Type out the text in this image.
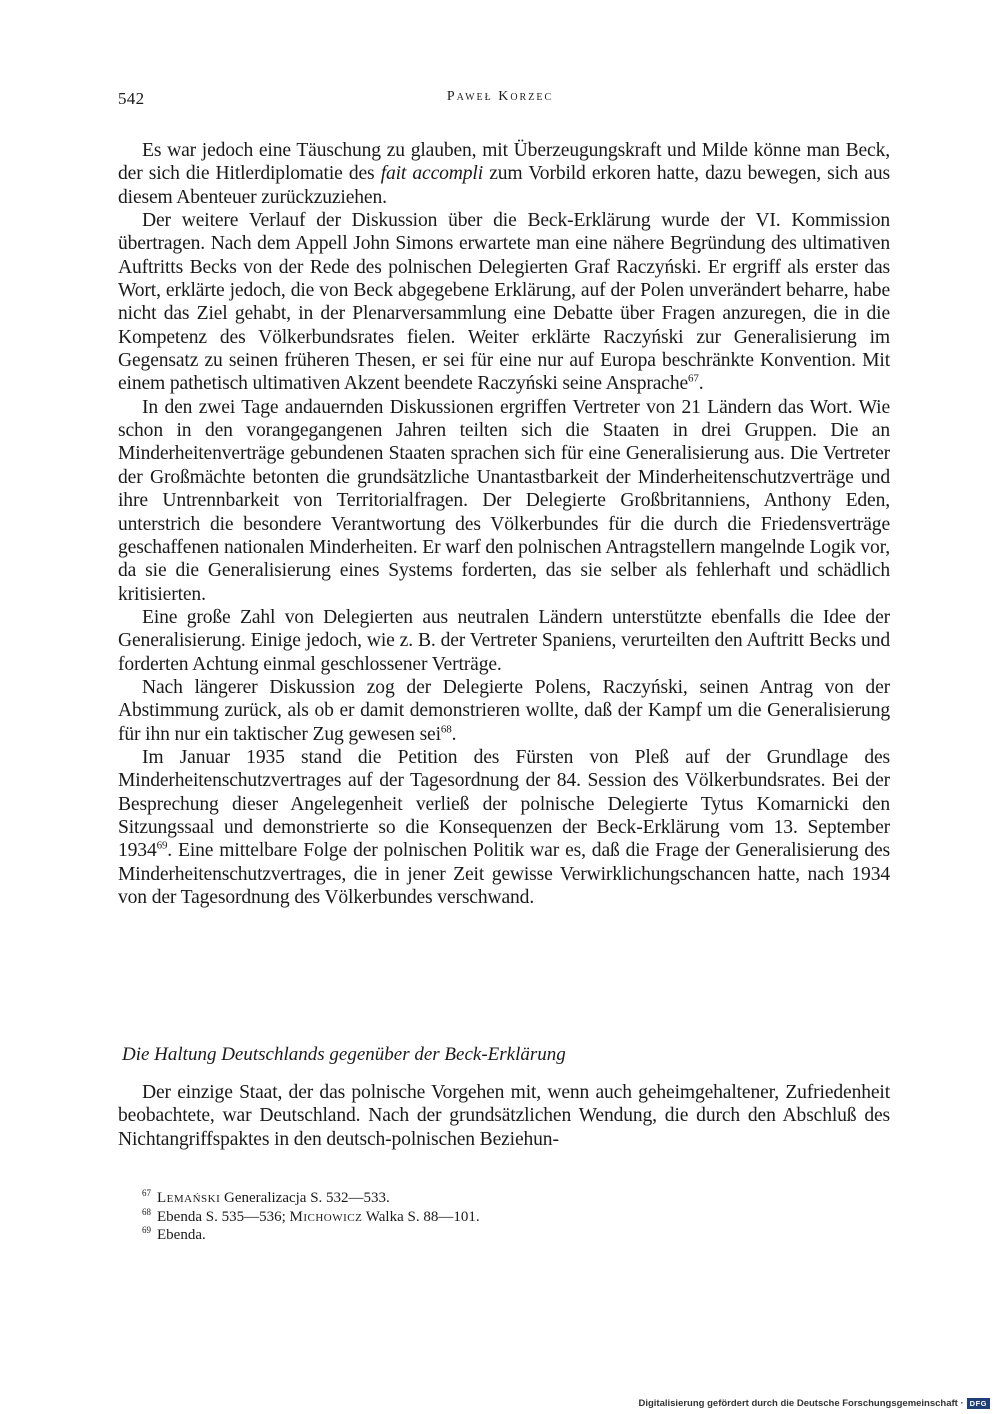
542	Paweł Korzec

Es war jedoch eine Täuschung zu glauben, mit Überzeugungskraft und Milde könne man Beck, der sich die Hitlerdiplomatie des fait accompli zum Vorbild erkoren hatte, dazu bewegen, sich aus diesem Abenteuer zurückzuziehen.

Der weitere Verlauf der Diskussion über die Beck-Erklärung wurde der VI. Kommission übertragen. Nach dem Appell John Simons erwartete man eine nähere Begründung des ultimativen Auftritts Becks von der Rede des polnischen Delegierten Graf Raczyński. Er ergriff als erster das Wort, erklärte jedoch, die von Beck abgegebene Erklärung, auf der Polen unverändert beharre, habe nicht das Ziel gehabt, in der Plenarversammlung eine Debatte über Fragen anzuregen, die in die Kompetenz des Völkerbundsrates fielen. Weiter erklärte Raczyński zur Generalisierung im Gegensatz zu seinen früheren Thesen, er sei für eine nur auf Europa beschränkte Konvention. Mit einem pathetisch ultimativen Akzent beendete Raczyński seine Ansprache$^{67}$.

In den zwei Tage andauernden Diskussionen ergriffen Vertreter von 21 Ländern das Wort. Wie schon in den vorangegangenen Jahren teilten sich die Staaten in drei Gruppen. Die an Minderheitenverträge gebundenen Staaten sprachen sich für eine Generalisierung aus. Die Vertreter der Großmächte betonten die grundsätzliche Unantastbarkeit der Minderheitenschutzverträge und ihre Untrennbarkeit von Territorialfragen. Der Delegierte Großbritanniens, Anthony Eden, unterstrich die besondere Verantwortung des Völkerbundes für die durch die Friedensverträge geschaffenen nationalen Minderheiten. Er warf den polnischen Antragstellern mangelnde Logik vor, da sie die Generalisierung eines Systems forderten, das sie selber als fehlerhaft und schädlich kritisierten.

Eine große Zahl von Delegierten aus neutralen Ländern unterstützte ebenfalls die Idee der Generalisierung. Einige jedoch, wie z. B. der Vertreter Spaniens, verurteilten den Auftritt Becks und forderten Achtung einmal geschlossener Verträge.

Nach längerer Diskussion zog der Delegierte Polens, Raczyński, seinen Antrag von der Abstimmung zurück, als ob er damit demonstrieren wollte, daß der Kampf um die Generalisierung für ihn nur ein taktischer Zug gewesen sei$^{68}$.

Im Januar 1935 stand die Petition des Fürsten von Pleß auf der Grundlage des Minderheitenschutzvertrages auf der Tagesordnung der 84. Session des Völkerbundsrates. Bei der Besprechung dieser Angelegenheit verließ der polnische Delegierte Tytus Komarnicki den Sitzungssaal und demonstrierte so die Konsequenzen der Beck-Erklärung vom 13. September 1934$^{69}$. Eine mittelbare Folge der polnischen Politik war es, daß die Frage der Generalisierung des Minderheitenschutzvertrages, die in jener Zeit gewisse Verwirklichungschancen hatte, nach 1934 von der Tagesordnung des Völkerbundes verschwand.

Die Haltung Deutschlands gegenüber der Beck-Erklärung

Der einzige Staat, der das polnische Vorgehen mit, wenn auch geheimgehaltener, Zufriedenheit beobachtete, war Deutschland. Nach der grundsätzlichen Wendung, die durch den Abschluß des Nichtangriffspaktes in den deutsch-polnischen Beziehun-

$^{67}$ Lemański Generalizacja S. 532—533.
$^{68}$ Ebenda S. 535—536; Michowicz Walka S. 88—101.
$^{69}$ Ebenda.
Digitalisierung gefördert durch die Deutsche Forschungsgemeinschaft · DFG
